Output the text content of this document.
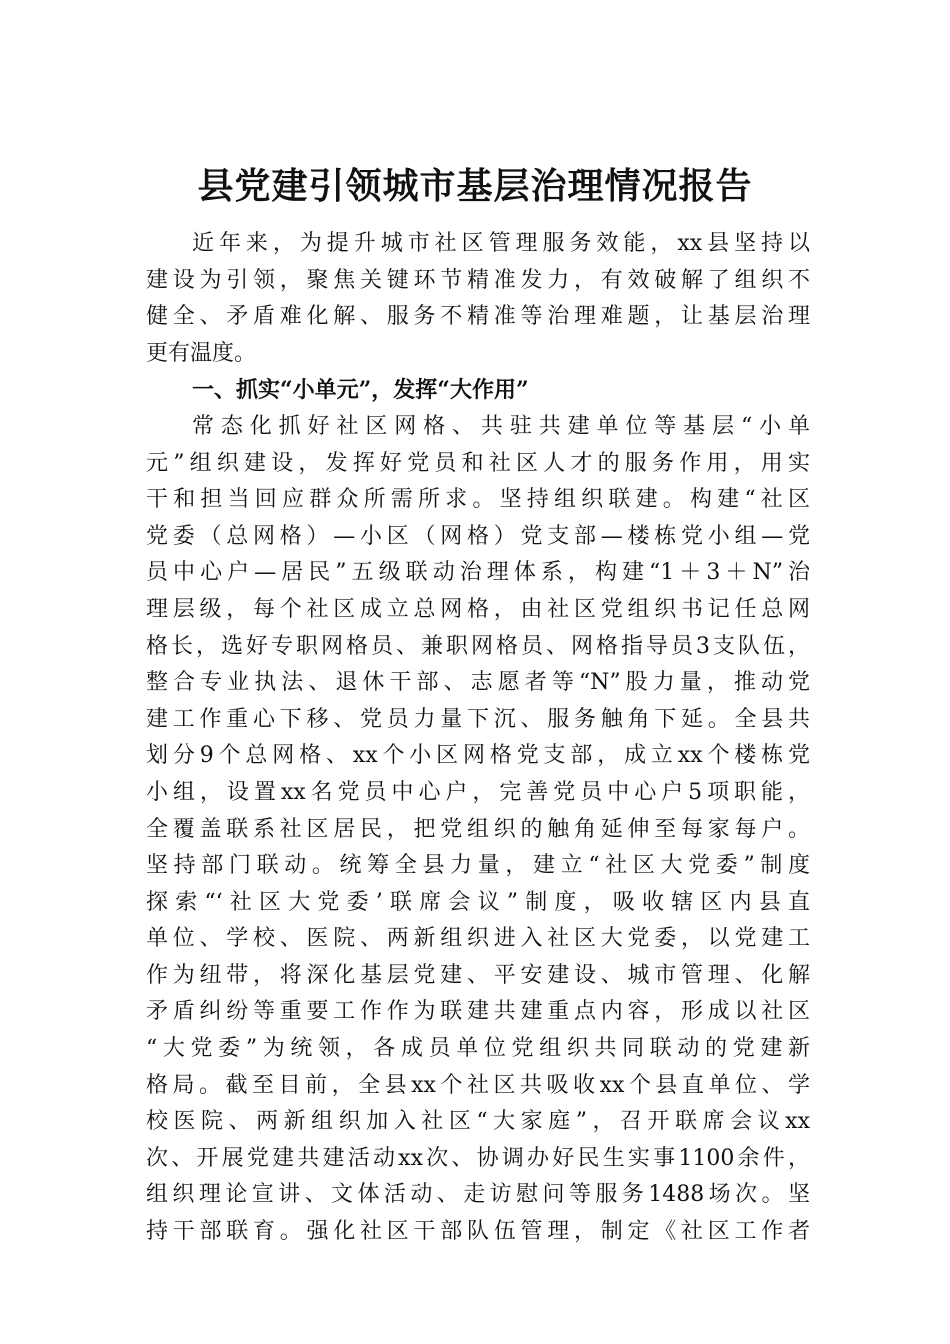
县党建引领城市基层治理情况报告
近年来，为提升城市社区管理服务效能，xx县坚持以
建设为引领，聚焦关键环节精准发力，有效破解了组织不
健全、矛盾难化解、服务不精准等治理难题，让基层治理
更有温度。
一、抓实“小单元”，发挥“大作用”
常态化抓好社区网格、共驻共建单位等基层“小单
元”组织建设，发挥好党员和社区人才的服务作用，用实
干和担当回应群众所需所求。坚持组织联建。构建“社区
党委（总网格）—小区（网格）党支部—楼栋党小组—党
员中心户—居民”五级联动治理体系，构建“1＋3＋N”治
理层级，每个社区成立总网格，由社区党组织书记任总网
格长，选好专职网格员、兼职网格员、网格指导员3支队伍，
整合专业执法、退休干部、志愿者等“N”股力量，推动党
建工作重心下移、党员力量下沉、服务触角下延。全县共
划分9个总网格、xx个小区网格党支部，成立xx个楼栋党
小组，设置xx名党员中心户，完善党员中心户5项职能，
全覆盖联系社区居民，把党组织的触角延伸至每家每户。
坚持部门联动。统筹全县力量，建立“社区大党委”制度
探索“‘社区大党委’联席会议”制度，吸收辖区内县直
单位、学校、医院、两新组织进入社区大党委，以党建工
作为纽带，将深化基层党建、平安建设、城市管理、化解
矛盾纠纷等重要工作作为联建共建重点内容，形成以社区
“大党委”为统领，各成员单位党组织共同联动的党建新
格局。截至目前，全县xx个社区共吸收xx个县直单位、学
校医院、两新组织加入社区“大家庭”，召开联席会议xx
次、开展党建共建活动xx次、协调办好民生实事1100余件，
组织理论宣讲、文体活动、走访慰问等服务1488场次。坚
持干部联育。强化社区干部队伍管理，制定《社区工作者
